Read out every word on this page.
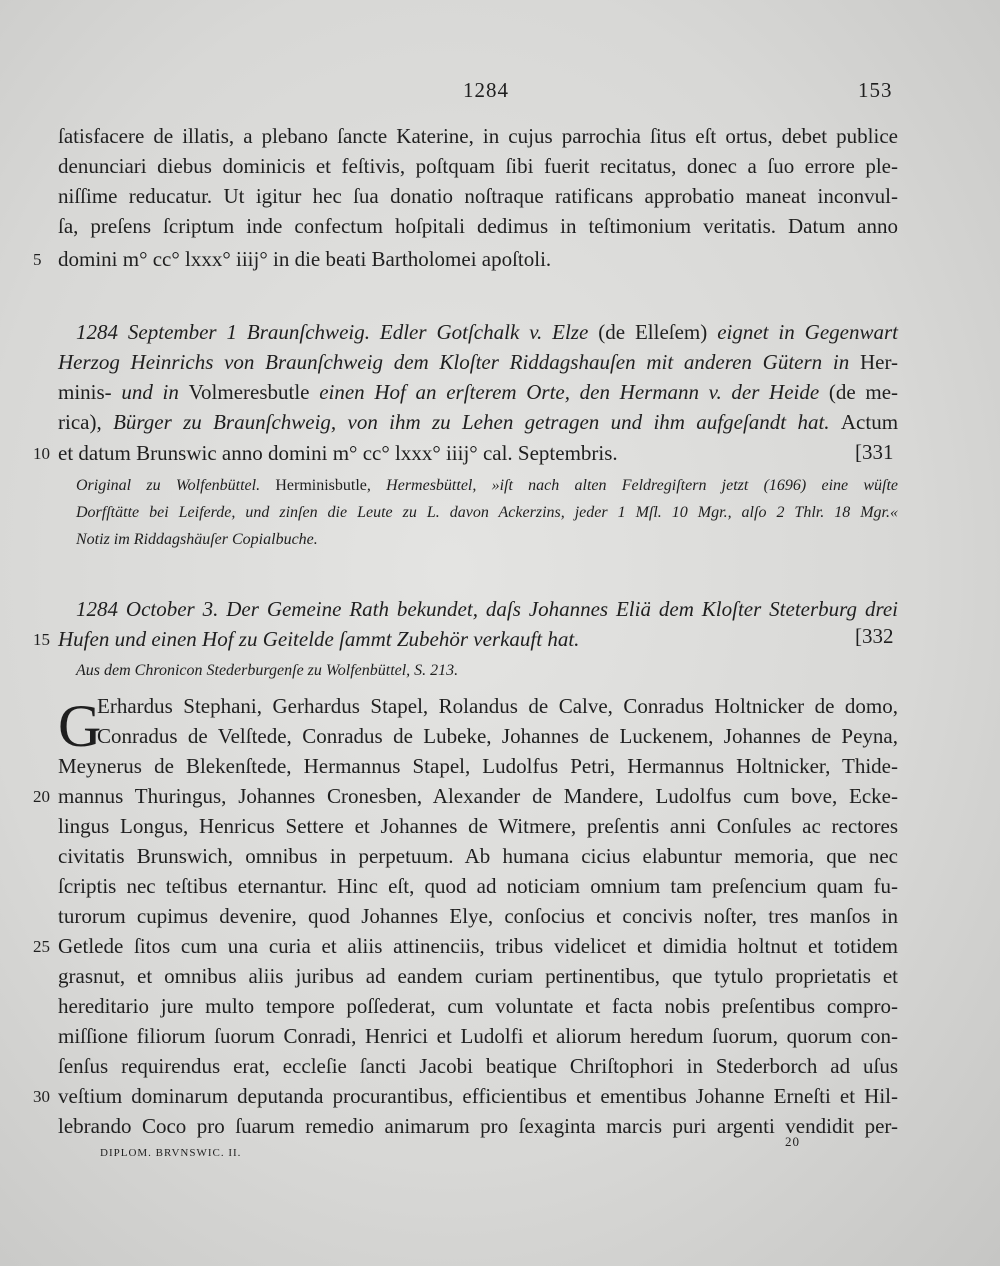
1284	153
ſatisfacere de illatis, a plebano ſancte Katerine, in cujus parrochia ſitus eſt ortus, debet publice
denunciari diebus dominicis et feſtivis, poſtquam ſibi fuerit recitatus, donec a ſuo errore ple-
niſſime reducatur. Ut igitur hec ſua donatio noſtraque ratificans approbatio maneat inconvul-
ſa, preſens ſcriptum inde confectum hoſpitali dedimus in teſtimonium veritatis. Datum anno
domini m° cc° lxxx° iiij° in die beati Bartholomei apoſtoli.
5
1284 September 1 Braunſchweig. Edler Gotſchalk v. Elze (de Elleſem) eignet in Gegenwart
Herzog Heinrichs von Braunſchweig dem Kloſter Riddagshauſen mit anderen Gütern in Her-
minis- und in Volmeresbutle einen Hof an erſterem Orte, den Hermann v. der Heide (de me-
rica), Bürger zu Braunſchweig, von ihm zu Lehen getragen und ihm aufgeſandt hat. Actum
et datum Brunswic anno domini m° cc° lxxx° iiij° cal. Septembris.
10	[331
Original zu Wolfenbüttel. Herminisbutle, Hermesbüttel, »iſt nach alten Feldregiſtern jetzt (1696) eine wüſte
Dorfſtätte bei Leiferde, und zinſen die Leute zu L. davon Ackerzins, jeder 1 Mſl. 10 Mgr., alſo 2 Thlr. 18 Mgr.«
Notiz im Riddagshäuſer Copialbuche.
1284 October 3. Der Gemeine Rath bekundet, daſs Johannes Eliä dem Kloſter Steterburg drei
Hufen und einen Hof zu Geitelde ſammt Zubehör verkauft hat.
15	[332
Aus dem Chronicon Stederburgenſe zu Wolfenbüttel, S. 213.
G
Erhardus Stephani, Gerhardus Stapel, Rolandus de Calve, Conradus Holtnicker de domo,
Conradus de Velſtede, Conradus de Lubeke, Johannes de Luckenem, Johannes de Peyna,
Meynerus de Blekenſtede, Hermannus Stapel, Ludolfus Petri, Hermannus Holtnicker, Thide-
mannus Thuringus, Johannes Cronesben, Alexander de Mandere, Ludolfus cum bove, Ecke-
20
lingus Longus, Henricus Settere et Johannes de Witmere, preſentis anni Conſules ac rectores
civitatis Brunswich, omnibus in perpetuum. Ab humana cicius elabuntur memoria, que nec
ſcriptis nec teſtibus eternantur. Hinc eſt, quod ad noticiam omnium tam preſencium quam fu-
turorum cupimus devenire, quod Johannes Elye, conſocius et concivis noſter, tres manſos in
Getlede ſitos cum una curia et aliis attinenciis, tribus videlicet et dimidia holtnut et totidem
25
grasnut, et omnibus aliis juribus ad eandem curiam pertinentibus, que tytulo proprietatis et
hereditario jure multo tempore poſſederat, cum voluntate et facta nobis preſentibus compro-
miſſione filiorum ſuorum Conradi, Henrici et Ludolfi et aliorum heredum ſuorum, quorum con-
ſenſus requirendus erat, eccleſie ſancti Jacobi beatique Chriſtophori in Stederborch ad uſus
veſtium dominarum deputanda procurantibus, efficientibus et ementibus Johanne Erneſti et Hil-
30
lebrando Coco pro ſuarum remedio animarum pro ſexaginta marcis puri argenti vendidit per-
DIPLOM. BRVNSWIC. II.
20
